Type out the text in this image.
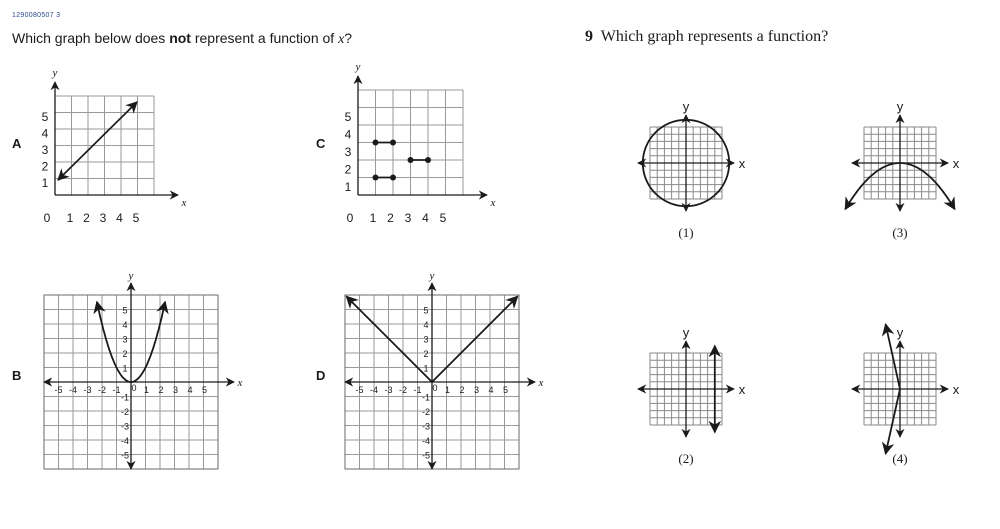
1290080507 3
Which graph below does not represent a function of x?	9 Which graph represents a function?
A
B
C
D
x
y
0 1 2 3 4 5
1
2
3
4
5
x
y
-5 -4 -3 -2 -1 0 1 2 3 4 5
1
2
3
4
5
-1
-2
-3
-4
-5
x
y
0 1 2 3 4 5
1
2
3
4
5
x
y
-5 -4 -3 -2 -1 0 1 2 3 4 5
1
2
3
4
5
-1
-2
-3
-4
-5
x
y
(1)
x
y
(2)
x
y
(3)
x
y
(4)
